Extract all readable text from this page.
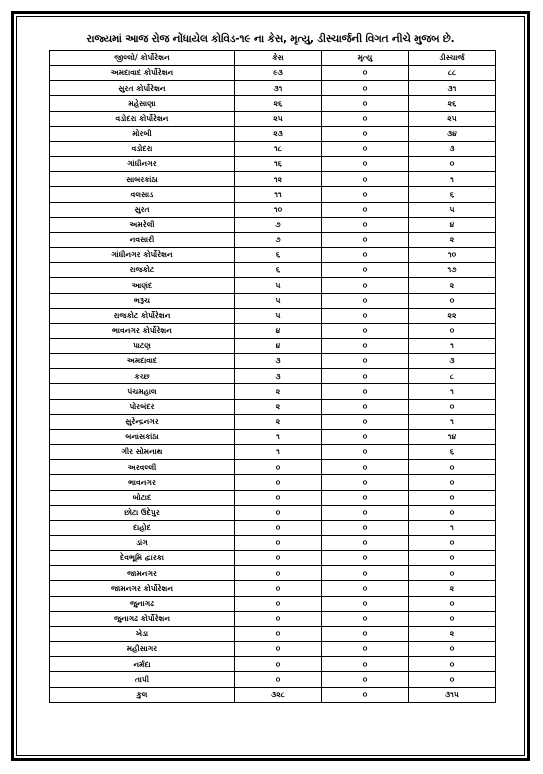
રાજ્યમાં આજ રોજ નોંધાયેલ કોવિડ-૧૯ ના કેસ, મૃત્યુ, ડીસ્ચાર્જની વિગત નીચે મુજબ છે.
જીલ્લો/ કોર્પોરેશન	કેસ	મૃત્યુ	ડીસ્ચાર્જ
અમદાવાદ કોર્પોરેશન	૯૩	૦	૮૮
સુરત કોર્પોરેશન	૩૧	૦	૩૧
મહેસાણા	૨૬	૦	૨૬
વડોદરા કોર્પોરેશન	૨૫	૦	૨૫
મોરબી	૨૩	૦	૩૪
વડોદરા	૧૮	૦	૩
ગાંધીનગર	૧૬	૦	૦
સાબરકાંઠા	૧૨	૦	૧
વલસાડ	૧૧	૦	૬
સુરત	૧૦	૦	૫
અમરેલી	૭	૦	૪
નવસારી	૭	૦	૨
ગાંધીનગર કોર્પોરેશન	૬	૦	૧૦
રાજકોટ	૬	૦	૧૭
આણંદ	૫	૦	૨
ભરૂચ	૫	૦	૦
રાજકોટ કોર્પોરેશન	૫	૦	૨૨
ભાવનગર કોર્પોરેશન	૪	૦	૦
પાટણ	૪	૦	૧
અમદાવાદ	૩	૦	૩
કચ્છ	૩	૦	૮
પંચમહાલ	૨	૦	૧
પોરબંદર	૨	૦	૦
સુરેન્દ્રનગર	૨	૦	૧
બનાસકાંઠા	૧	૦	૧૪
ગીર સોમનાથ	૧	૦	૬
અરવલ્લી	૦	૦	૦
ભાવનગર	૦	૦	૦
બોટાદ	૦	૦	૦
છોટા ઉદેપુર	૦	૦	૦
દાહોદ	૦	૦	૧
ડાંગ	૦	૦	૦
દેવભૂમિ દ્વારકા	૦	૦	૦
જામનગર	૦	૦	૦
જામનગર કોર્પોરેશન	૦	૦	૨
જુનાગઢ	૦	૦	૦
જુનાગઢ કોર્પોરેશન	૦	૦	૦
ખેડા	૦	૦	૨
મહીસાગર	૦	૦	૦
નર્મદા	૦	૦	૦
તાપી	૦	૦	૦
કુલ	૩૨૮	૦	૩૧૫
